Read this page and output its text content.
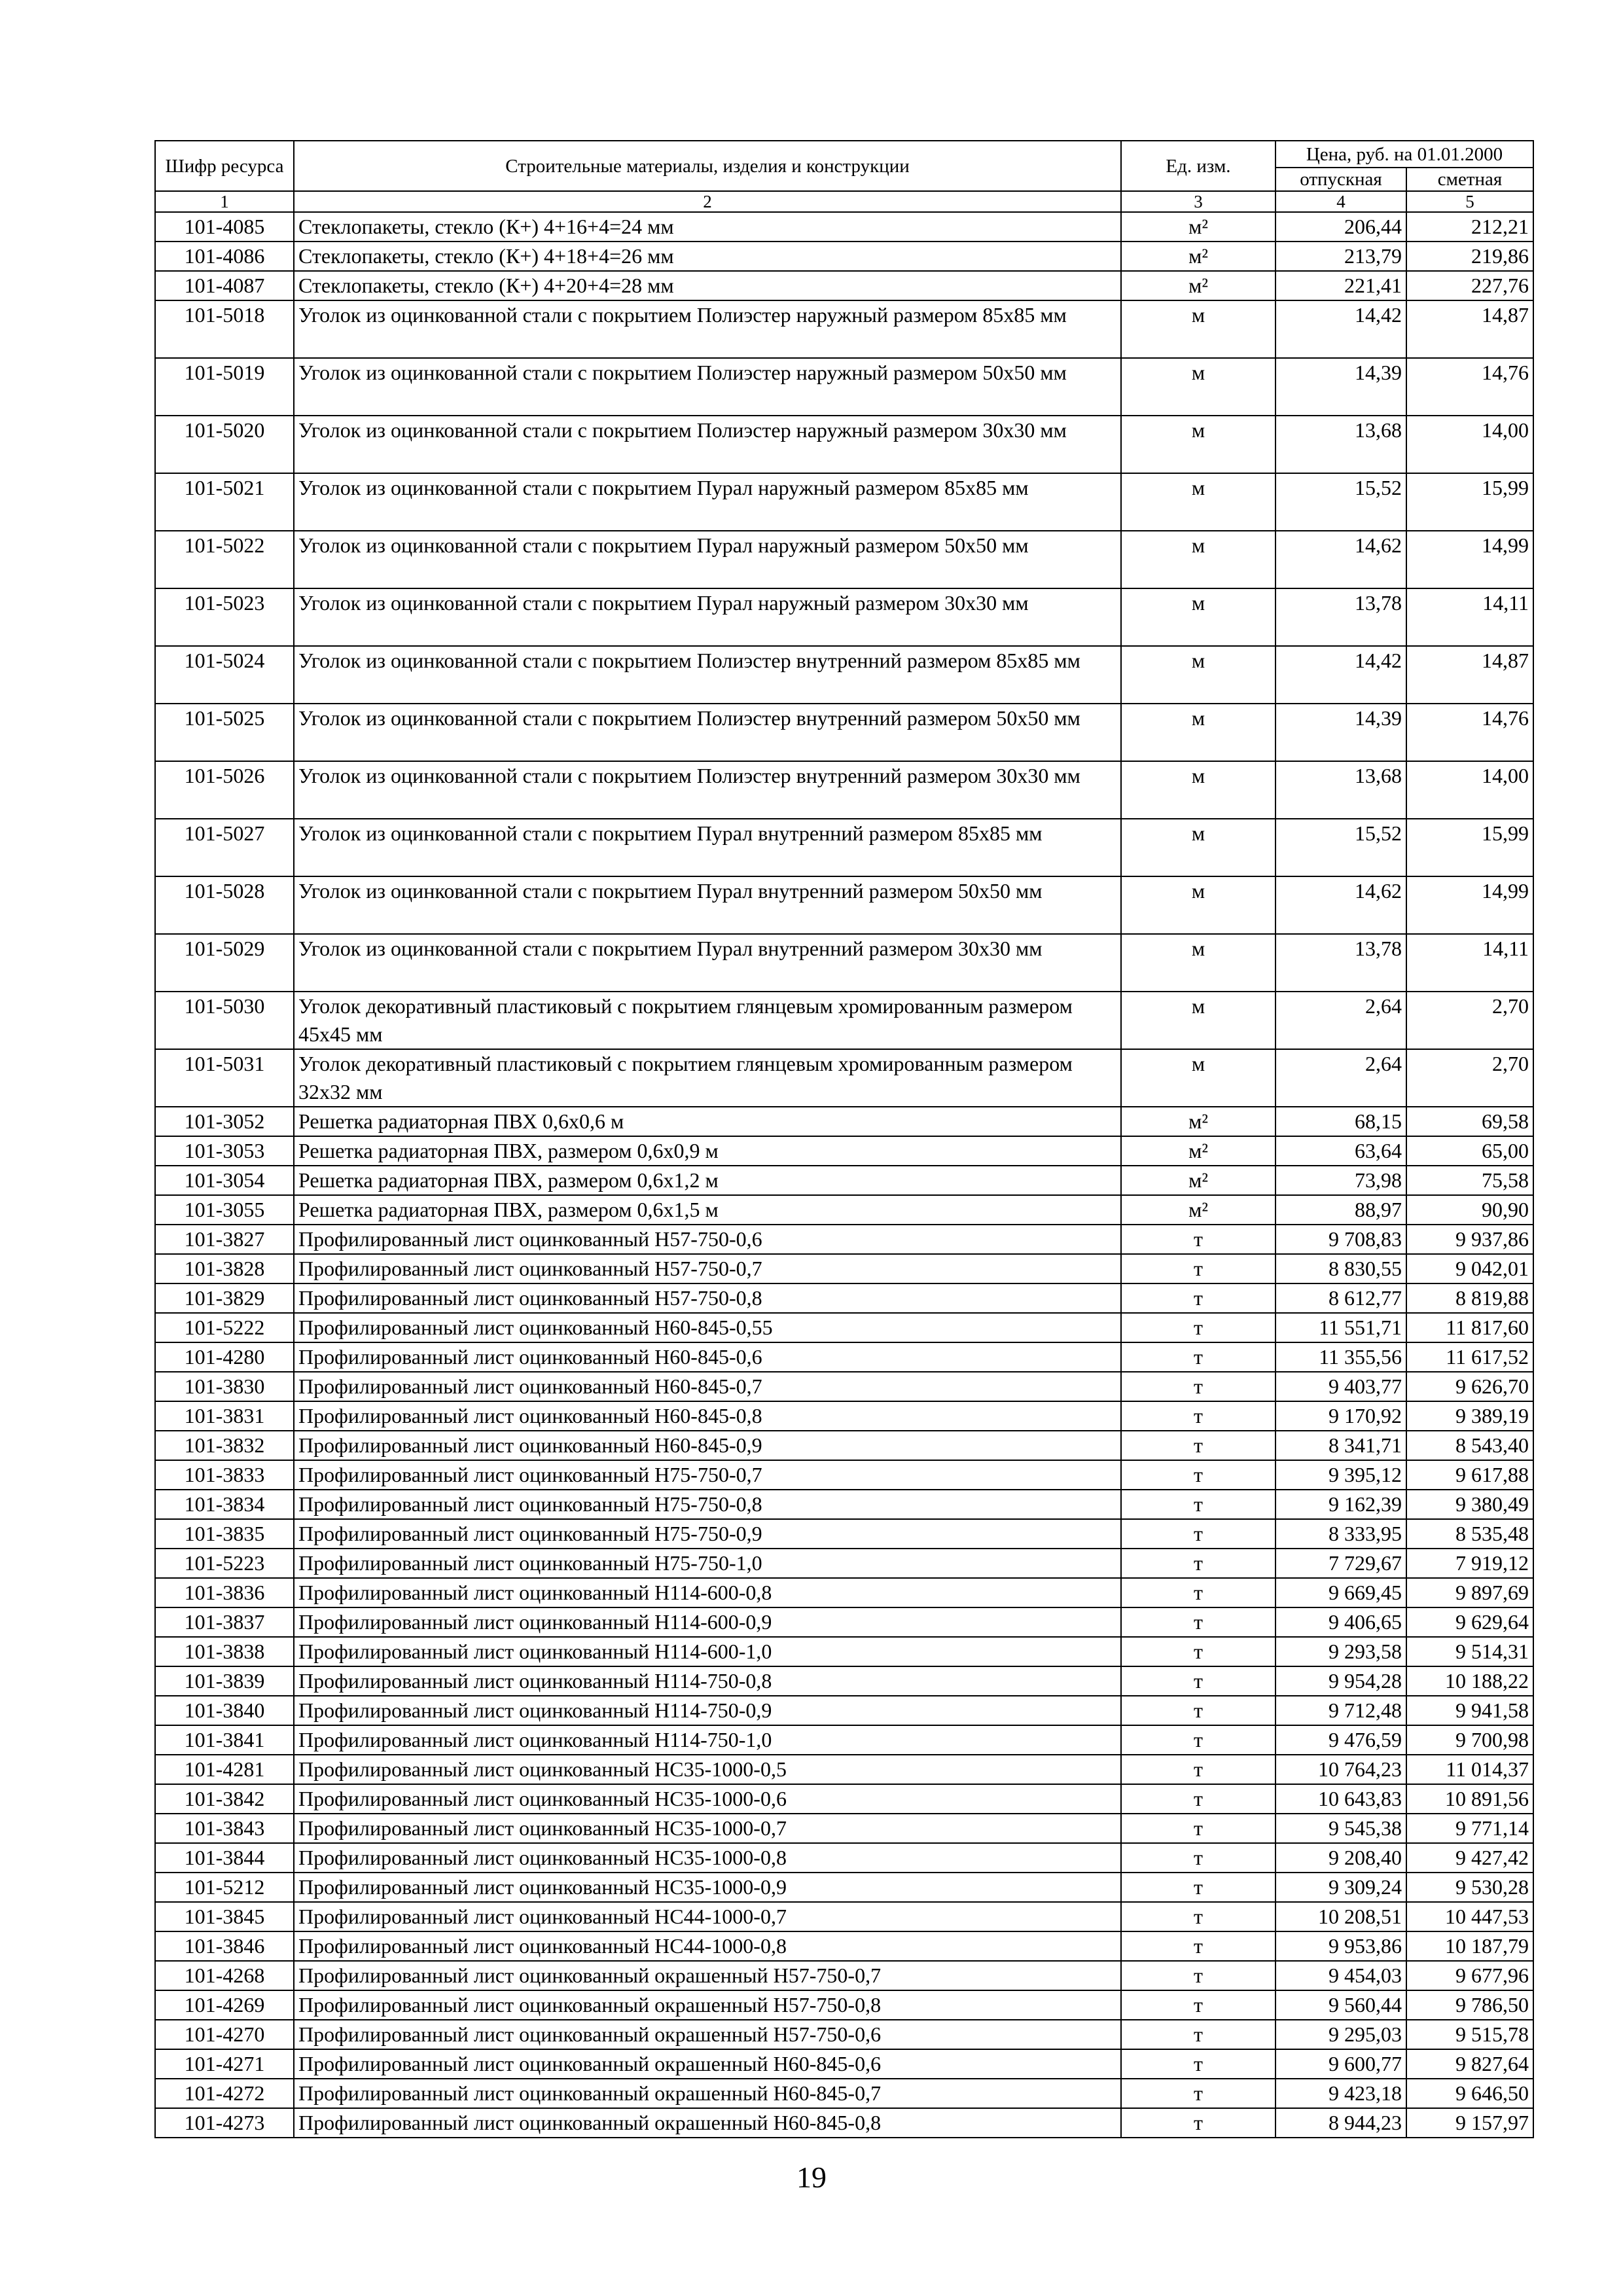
Шифр ресурса	Строительные материалы, изделия и конструкции	Ед. изм.	Цена, руб. на 01.01.2000	
			отпускная	сметная
1	2	3	4	5
101-4085	Стеклопакеты, стекло (К+) 4+16+4=24 мм	м²	206,44	212,21
101-4086	Стеклопакеты, стекло (К+) 4+18+4=26 мм	м²	213,79	219,86
101-4087	Стеклопакеты, стекло (К+) 4+20+4=28 мм	м²	221,41	227,76
101-5018	Уголок из оцинкованной стали с покрытием Полиэстер наружный размером 85х85 мм	м	14,42	14,87
101-5019	Уголок из оцинкованной стали с покрытием Полиэстер наружный размером 50х50 мм	м	14,39	14,76
101-5020	Уголок из оцинкованной стали с покрытием Полиэстер наружный размером 30х30 мм	м	13,68	14,00
101-5021	Уголок из оцинкованной стали с покрытием Пурал наружный размером 85х85 мм	м	15,52	15,99
101-5022	Уголок из оцинкованной стали с покрытием Пурал наружный размером 50х50 мм	м	14,62	14,99
101-5023	Уголок из оцинкованной стали с покрытием Пурал наружный размером 30х30 мм	м	13,78	14,11
101-5024	Уголок из оцинкованной стали с покрытием Полиэстер внутренний размером 85х85 мм	м	14,42	14,87
101-5025	Уголок из оцинкованной стали с покрытием Полиэстер внутренний размером 50х50 мм	м	14,39	14,76
101-5026	Уголок из оцинкованной стали с покрытием Полиэстер внутренний размером 30х30 мм	м	13,68	14,00
101-5027	Уголок из оцинкованной стали с покрытием Пурал внутренний размером 85х85 мм	м	15,52	15,99
101-5028	Уголок из оцинкованной стали с покрытием Пурал внутренний размером 50х50 мм	м	14,62	14,99
101-5029	Уголок из оцинкованной стали с покрытием Пурал внутренний размером 30х30 мм	м	13,78	14,11
101-5030	Уголок декоративный пластиковый с покрытием глянцевым хромированным размером 45х45 мм	м	2,64	2,70
101-5031	Уголок декоративный пластиковый с покрытием глянцевым хромированным размером 32х32 мм	м	2,64	2,70
101-3052	Решетка радиаторная ПВХ 0,6х0,6 м	м²	68,15	69,58
101-3053	Решетка радиаторная ПВХ, размером 0,6х0,9 м	м²	63,64	65,00
101-3054	Решетка радиаторная ПВХ, размером 0,6х1,2 м	м²	73,98	75,58
101-3055	Решетка радиаторная ПВХ, размером 0,6х1,5 м	м²	88,97	90,90
101-3827	Профилированный лист оцинкованный Н57-750-0,6	т	9 708,83	9 937,86
101-3828	Профилированный лист оцинкованный Н57-750-0,7	т	8 830,55	9 042,01
101-3829	Профилированный лист оцинкованный Н57-750-0,8	т	8 612,77	8 819,88
101-5222	Профилированный лист оцинкованный Н60-845-0,55	т	11 551,71	11 817,60
101-4280	Профилированный лист оцинкованный Н60-845-0,6	т	11 355,56	11 617,52
101-3830	Профилированный лист оцинкованный Н60-845-0,7	т	9 403,77	9 626,70
101-3831	Профилированный лист оцинкованный Н60-845-0,8	т	9 170,92	9 389,19
101-3832	Профилированный лист оцинкованный Н60-845-0,9	т	8 341,71	8 543,40
101-3833	Профилированный лист оцинкованный Н75-750-0,7	т	9 395,12	9 617,88
101-3834	Профилированный лист оцинкованный Н75-750-0,8	т	9 162,39	9 380,49
101-3835	Профилированный лист оцинкованный Н75-750-0,9	т	8 333,95	8 535,48
101-5223	Профилированный лист оцинкованный Н75-750-1,0	т	7 729,67	7 919,12
101-3836	Профилированный лист оцинкованный Н114-600-0,8	т	9 669,45	9 897,69
101-3837	Профилированный лист оцинкованный Н114-600-0,9	т	9 406,65	9 629,64
101-3838	Профилированный лист оцинкованный Н114-600-1,0	т	9 293,58	9 514,31
101-3839	Профилированный лист оцинкованный Н114-750-0,8	т	9 954,28	10 188,22
101-3840	Профилированный лист оцинкованный Н114-750-0,9	т	9 712,48	9 941,58
101-3841	Профилированный лист оцинкованный Н114-750-1,0	т	9 476,59	9 700,98
101-4281	Профилированный лист оцинкованный НС35-1000-0,5	т	10 764,23	11 014,37
101-3842	Профилированный лист оцинкованный НС35-1000-0,6	т	10 643,83	10 891,56
101-3843	Профилированный лист оцинкованный НС35-1000-0,7	т	9 545,38	9 771,14
101-3844	Профилированный лист оцинкованный НС35-1000-0,8	т	9 208,40	9 427,42
101-5212	Профилированный лист оцинкованный НС35-1000-0,9	т	9 309,24	9 530,28
101-3845	Профилированный лист оцинкованный НС44-1000-0,7	т	10 208,51	10 447,53
101-3846	Профилированный лист оцинкованный НС44-1000-0,8	т	9 953,86	10 187,79
101-4268	Профилированный лист оцинкованный окрашенный Н57-750-0,7	т	9 454,03	9 677,96
101-4269	Профилированный лист оцинкованный окрашенный Н57-750-0,8	т	9 560,44	9 786,50
101-4270	Профилированный лист оцинкованный окрашенный Н57-750-0,6	т	9 295,03	9 515,78
101-4271	Профилированный лист оцинкованный окрашенный Н60-845-0,6	т	9 600,77	9 827,64
101-4272	Профилированный лист оцинкованный окрашенный Н60-845-0,7	т	9 423,18	9 646,50
101-4273	Профилированный лист оцинкованный окрашенный Н60-845-0,8	т	8 944,23	9 157,97
19
